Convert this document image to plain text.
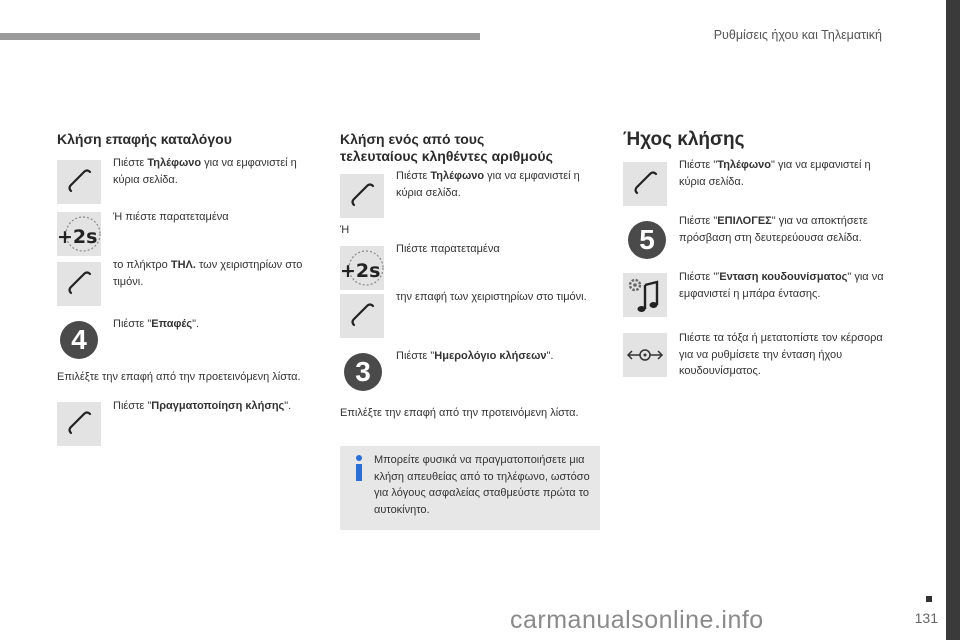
Ρυθμίσεις ήχου και Τηλεματική
Κλήση επαφής καταλόγου
Πιέστε Τηλέφωνο για να εμφανιστεί η κύρια σελίδα.
Ή πιέστε παρατεταμένα
+2s
το πλήκτρο ΤΗΛ. των χειριστηρίων στο τιμόνι.
4	Πιέστε "Επαφές".
Επιλέξτε την επαφή από την προετεινόμενη λίστα.
Πιέστε "Πραγματοποίηση κλήσης".
Κλήση ενός από τους
τελευταίους κληθέντες αριθμούς
Πιέστε Τηλέφωνο για να εμφανιστεί η κύρια σελίδα.
Ή
Πιέστε παρατεταμένα
+2s
την επαφή των χειριστηρίων στο τιμόνι.
3	Πιέστε "Ημερολόγιο κλήσεων".
Επιλέξτε την επαφή από την προτεινόμενη λίστα.
Μπορείτε φυσικά να πραγματοποιήσετε μια κλήση απευθείας από το τηλέφωνο, ωστόσο για λόγους ασφαλείας σταθμεύστε πρώτα το αυτοκίνητο.
Ήχος κλήσης
Πιέστε "Τηλέφωνο" για να εμφανιστεί η κύρια σελίδα.
5
Πιέστε "ΕΠΙΛΟΓΕΣ" για να αποκτήσετε πρόσβαση στη δευτερεύουσα σελίδα.
Πιέστε "Ένταση κουδουνίσματος" για να εμφανιστεί η μπάρα έντασης.
Πιέστε τα τόξα ή μετατοπίστε τον κέρσορα για να ρυθμίσετε την ένταση ήχου κουδουνίσματος.
131
carmanualsonline.info
